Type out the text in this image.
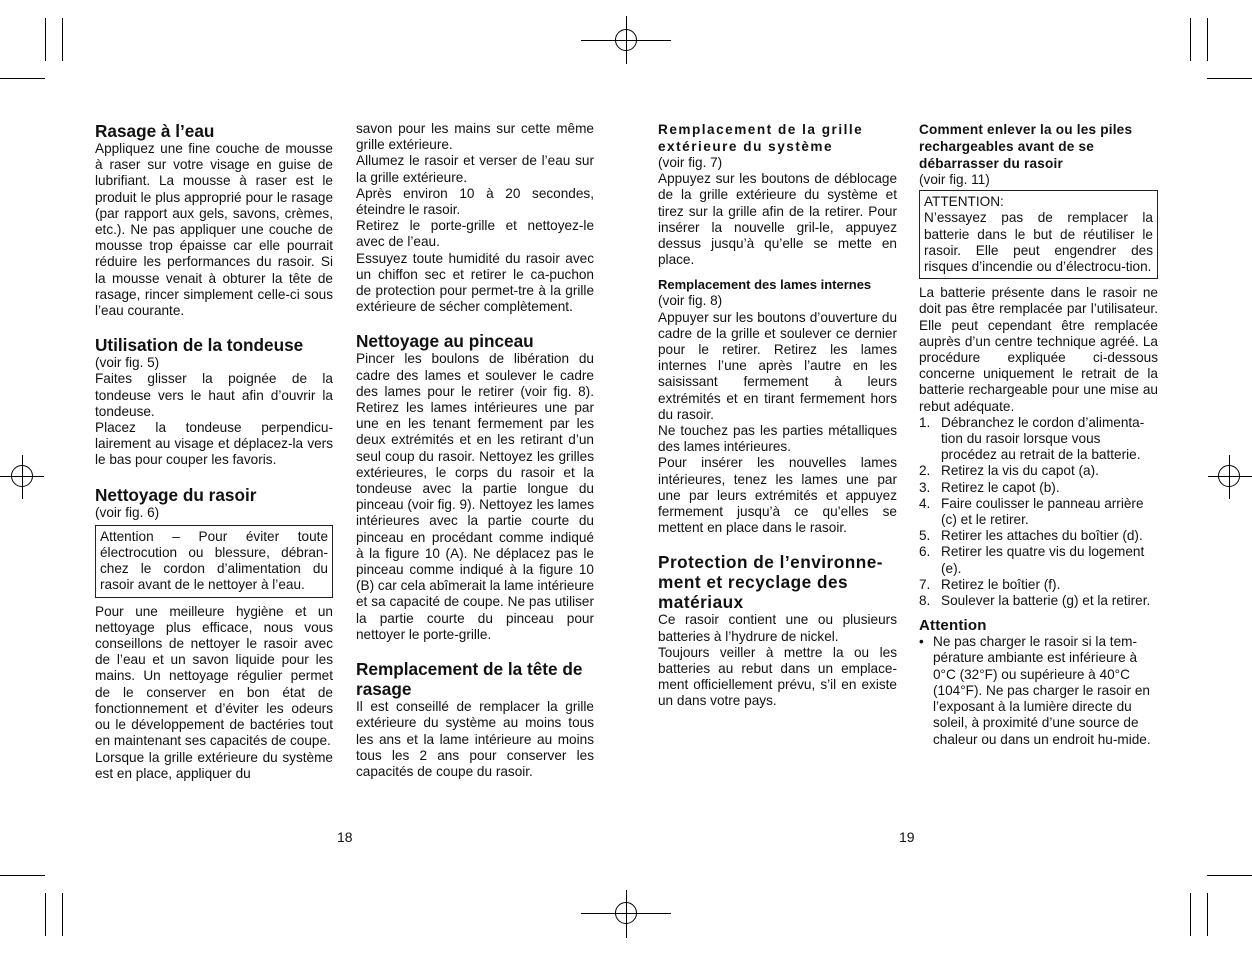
Rasage à l’eau

Appliquez une fine couche de mousse à raser sur votre visage en guise de lubrifiant. La mousse à raser est le produit le plus approprié pour le rasage (par rapport aux gels, savons, crèmes, etc.). Ne pas appliquer une couche de mousse trop épaisse car elle pourrait réduire les performances du rasoir. Si la mousse venait à obturer la tête de rasage, rincer simplement celle-ci sous l’eau courante.

Utilisation de la tondeuse

(voir fig. 5)

Faites glisser la poignée de la tondeuse vers le haut afin d’ouvrir la tondeuse.

Placez la tondeuse perpendicu-lairement au visage et déplacez-la vers le bas pour couper les favoris.

Nettoyage du rasoir

(voir fig. 6)

Attention – Pour éviter toute électrocution ou blessure, débran-chez le cordon d’alimentation du rasoir avant de le nettoyer à l’eau.

Pour une meilleure hygiène et un nettoyage plus efficace, nous vous conseillons de nettoyer le rasoir avec de l’eau et un savon liquide pour les mains. Un nettoyage régulier permet de le conserver en bon état de fonctionnement et d’éviter les odeurs ou le développement de bactéries tout en maintenant ses capacités de coupe.

Lorsque la grille extérieure du système est en place, appliquer du

savon pour les mains sur cette même grille extérieure.

Allumez le rasoir et verser de l’eau sur la grille extérieure.

Après environ 10 à 20 secondes, éteindre le rasoir.

Retirez le porte-grille et nettoyez-le avec de l’eau.

Essuyez toute humidité du rasoir avec un chiffon sec et retirer le ca-puchon de protection pour permet-tre à la grille extérieure de sécher complètement.

Nettoyage au pinceau

Pincer les boulons de libération du cadre des lames et soulever le cadre des lames pour le retirer (voir fig. 8). Retirez les lames intérieures une par une en les tenant fermement par les deux extrémités et en les retirant d’un seul coup du rasoir. Nettoyez les grilles extérieures, le corps du rasoir et la tondeuse avec la partie longue du pinceau (voir fig. 9). Nettoyez les lames intérieures avec la partie courte du pinceau en procédant comme indiqué à la figure 10 (A). Ne déplacez pas le pinceau comme indiqué à la figure 10 (B) car cela abîmerait la lame intérieure et sa capacité de coupe. Ne pas utiliser la partie courte du pinceau pour nettoyer le porte-grille.

Remplacement de la tête de rasage

Il est conseillé de remplacer la grille extérieure du système au moins tous les ans et la lame intérieure au moins tous les 2 ans pour conserver les capacités de coupe du rasoir.

Remplacement de la grille extérieure du système

(voir fig. 7)

Appuyez sur les boutons de déblocage de la grille extérieure du système et tirez sur la grille afin de la retirer. Pour insérer la nouvelle gril-le, appuyez dessus jusqu’à qu’elle se mette en place.

Remplacement des lames internes

(voir fig. 8)

Appuyer sur les boutons d’ouverture du cadre de la grille et soulever ce dernier pour le retirer. Retirez les lames internes l’une après l’autre en les saisissant fermement à leurs extrémités et en tirant fermement hors du rasoir.

Ne touchez pas les parties métalliques des lames intérieures.

Pour insérer les nouvelles lames intérieures, tenez les lames une par une par leurs extrémités et appuyez fermement jusqu’à ce qu’elles se mettent en place dans le rasoir.

Protection de l’environne-ment et recyclage des matériaux

Ce rasoir contient une ou plusieurs batteries à l’hydrure de nickel.

Toujours veiller à mettre la ou les batteries au rebut dans un emplace-ment officiellement prévu, s’il en existe un dans votre pays.

Comment enlever la ou les piles rechargeables avant de se débarrasser du rasoir

(voir fig. 11)

ATTENTION:

N’essayez pas de remplacer la batterie dans le but de réutiliser le rasoir. Elle peut engendrer des risques d’incendie ou d’électrocu-tion.

La batterie présente dans le rasoir ne doit pas être remplacée par l’utilisateur. Elle peut cependant être remplacée auprès d’un centre technique agréé. La procédure expliquée ci-dessous concerne uniquement le retrait de la batterie rechargeable pour une mise au rebut adéquate.

1. Débranchez le cordon d’alimenta-tion du rasoir lorsque vous procédez au retrait de la batterie.
2. Retirez la vis du capot (a).
3. Retirez le capot (b).
4. Faire coulisser le panneau arrière (c) et le retirer.
5. Retirer les attaches du boîtier (d).
6. Retirer les quatre vis du logement (e).
7. Retirez le boîtier (f).
8. Soulever la batterie (g) et la retirer.
Attention
• Ne pas charger le rasoir si la tem-pérature ambiante est inférieure à 0°C (32°F) ou supérieure à 40°C (104°F). Ne pas charger le rasoir en l’exposant à la lumière directe du soleil, à proximité d’une source de chaleur ou dans un endroit hu-mide.
18	19
